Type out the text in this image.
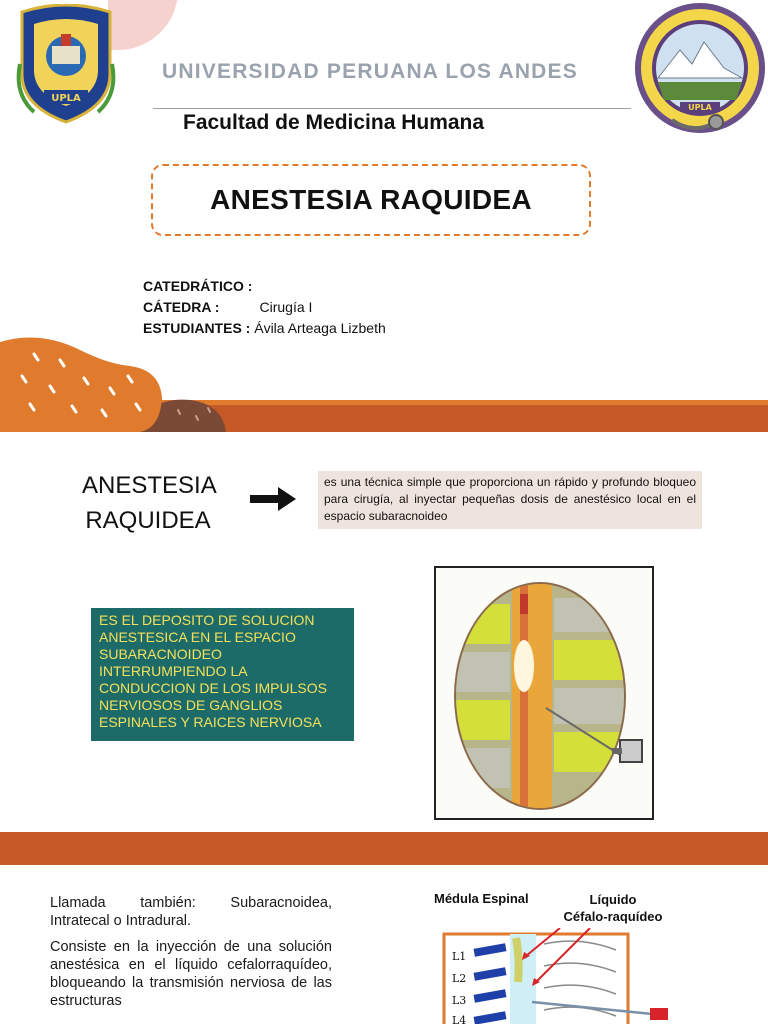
UPLA
UPLA
UNIVERSIDAD PERUANA LOS ANDES
Facultad de Medicina Humana
ANESTESIA RAQUIDEA
CATEDRÁTICO :
CÁTEDRA :	Cirugía I
ESTUDIANTES : Ávila Arteaga Lizbeth
ANESTESIA
RAQUIDEA
es una técnica simple que proporciona un rápido y profundo bloqueo para cirugía, al inyectar pequeñas dosis de anestésico local en el espacio subaracnoideo
ES EL DEPOSITO DE SOLUCION ANESTESICA EN EL ESPACIO SUBARACNOIDEO INTERRUMPIENDO LA CONDUCCION DE LOS IMPULSOS NERVIOSOS DE GANGLIOS ESPINALES Y RAICES NERVIOSA

Llamada también: Subaracnoidea, Intratecal o Intradural.

Consiste en la inyección de una solución anestésica en el líquido cefalorraquídeo, bloqueando la transmisión nerviosa de las estructuras

Médula Espinal	Líquido
Céfalo-raquídeo
L1
L2
L3
L4
